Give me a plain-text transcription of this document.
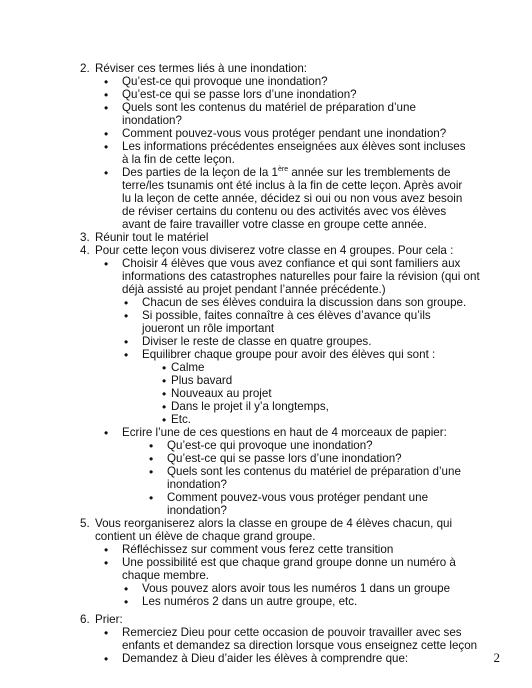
2. Réviser ces termes liés à une inondation:
• Qu’est-ce qui provoque une inondation?
• Qu’est-ce qui se passe lors d’une inondation?
• Quels sont les contenus du matériel de préparation d’une
inondation?
• Comment pouvez-vous vous protéger pendant une inondation?
• Les informations précédentes enseignées aux élèves sont incluses
à la fin de cette leçon.
• Des parties de la leçon de la 1ère année sur les tremblements de
terre/les tsunamis ont été inclus à la fin de cette leçon. Après avoir
lu la leçon de cette année, décidez si oui ou non vous avez besoin
de réviser certains du contenu ou des activités avec vos élèves
avant de faire travailler votre classe en groupe cette année.
3. Réunir tout le matériel
4. Pour cette leçon vous diviserez votre classe en 4 groupes. Pour cela :
• Choisir 4 élèves que vous avez confiance et qui sont familiers aux
informations des catastrophes naturelles pour faire la révision (qui ont
déjà assisté au projet pendant l’année précédente.)
• Chacun de ses élèves conduira la discussion dans son groupe.
• Si possible, faites connaître à ces élèves d’avance qu’ils
joueront un rôle important
• Diviser le reste de classe en quatre groupes.
• Equilibrer chaque groupe pour avoir des élèves qui sont :
• Calme
• Plus bavard
• Nouveaux au projet
• Dans le projet il y’a longtemps,
• Etc.
• Ecrire l’une de ces questions en haut de 4 morceaux de papier:
• Qu’est-ce qui provoque une inondation?
• Qu’est-ce qui se passe lors d’une inondation?
• Quels sont les contenus du matériel de préparation d’une
inondation?
• Comment pouvez-vous vous protéger pendant une
inondation?
5. Vous reorganiserez alors la classe en groupe de 4 élèves chacun, qui
contient un élève de chaque grand groupe.
• Réfléchissez sur comment vous ferez cette transition
• Une possibilité est que chaque grand groupe donne un numéro à
chaque membre.
• Vous pouvez alors avoir tous les numéros 1 dans un groupe
• Les numéros 2 dans un autre groupe, etc.
6. Prier:
• Remerciez Dieu pour cette occasion de pouvoir travailler avec ses
enfants et demandez sa direction lorsque vous enseignez cette leçon
• Demandez à Dieu d’aider les élèves à comprendre que:	2
